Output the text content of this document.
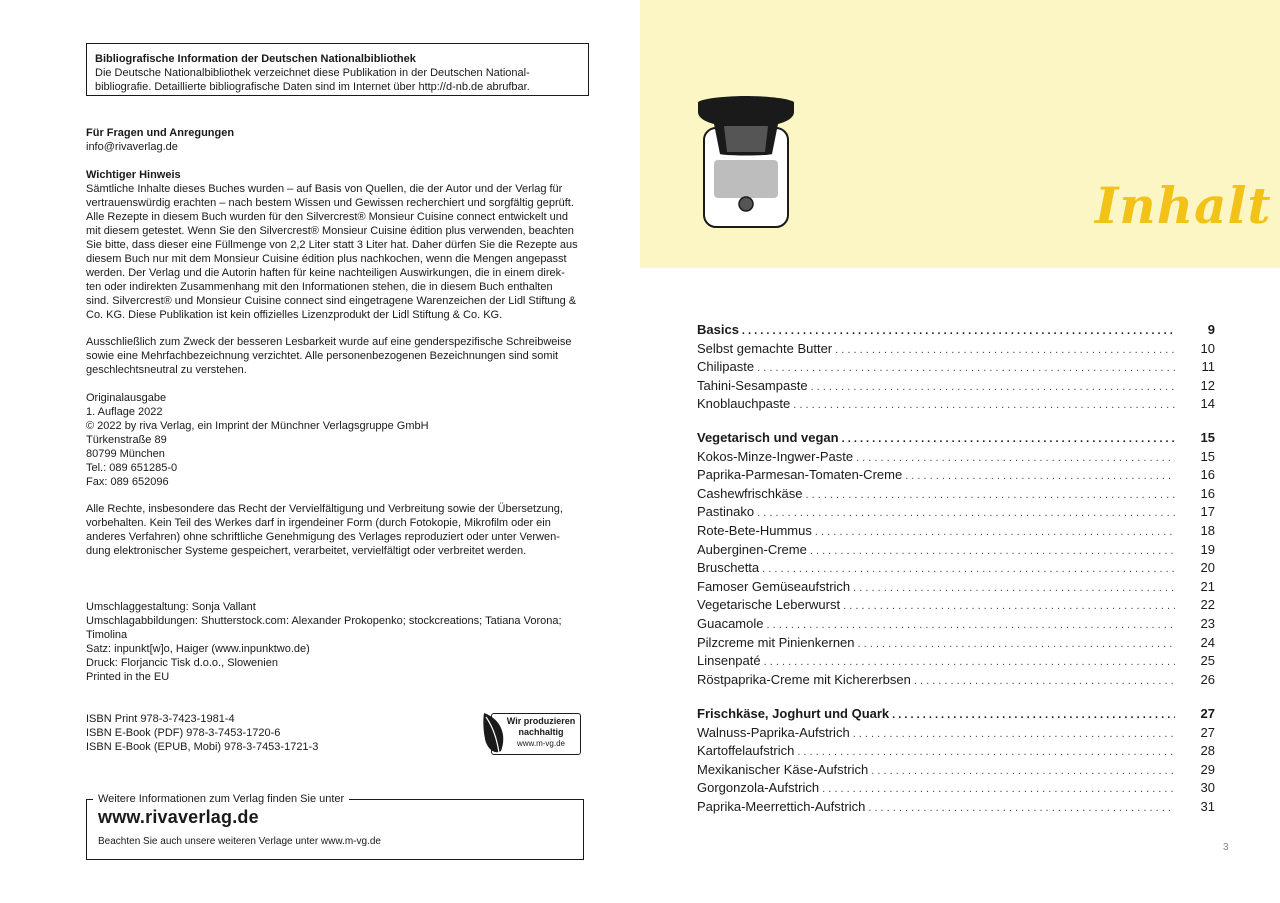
Bibliografische Information der Deutschen Nationalbibliothek
Die Deutsche Nationalbibliothek verzeichnet diese Publikation in der Deutschen National-
bibliografie. Detaillierte bibliografische Daten sind im Internet über http://d-nb.de abrufbar.
Für Fragen und Anregungen
info@rivaverlag.de
Wichtiger Hinweis
Sämtliche Inhalte dieses Buches wurden – auf Basis von Quellen, die der Autor und der Verlag für
vertrauenswürdig erachten – nach bestem Wissen und Gewissen recherchiert und sorgfältig geprüft.
Alle Rezepte in diesem Buch wurden für den Silvercrest® Monsieur Cuisine connect entwickelt und
mit diesem getestet. Wenn Sie den Silvercrest® Monsieur Cuisine édition plus verwenden, beachten
Sie bitte, dass dieser eine Füllmenge von 2,2 Liter statt 3 Liter hat. Daher dürfen Sie die Rezepte aus
diesem Buch nur mit dem Monsieur Cuisine édition plus nachkochen, wenn die Mengen angepasst
werden. Der Verlag und die Autorin haften für keine nachteiligen Auswirkungen, die in einem direk-
ten oder indirekten Zusammenhang mit den Informationen stehen, die in diesem Buch enthalten
sind. Silvercrest® und Monsieur Cuisine connect sind eingetragene Warenzeichen der Lidl Stiftung &
Co. KG. Diese Publikation ist kein offizielles Lizenzprodukt der Lidl Stiftung & Co. KG.
Ausschließlich zum Zweck der besseren Lesbarkeit wurde auf eine genderspezifische Schreibweise
sowie eine Mehrfachbezeichnung verzichtet. Alle personenbezogenen Bezeichnungen sind somit
geschlechtsneutral zu verstehen.
Originalausgabe
1. Auflage 2022
© 2022 by riva Verlag, ein Imprint der Münchner Verlagsgruppe GmbH
Türkenstraße 89
80799 München
Tel.: 089 651285-0
Fax: 089 652096
Alle Rechte, insbesondere das Recht der Vervielfältigung und Verbreitung sowie der Übersetzung,
vorbehalten. Kein Teil des Werkes darf in irgendeiner Form (durch Fotokopie, Mikrofilm oder ein
anderes Verfahren) ohne schriftliche Genehmigung des Verlages reproduziert oder unter Verwen-
dung elektronischer Systeme gespeichert, verarbeitet, vervielfältigt oder verbreitet werden.
Umschlaggestaltung: Sonja Vallant
Umschlagabbildungen: Shutterstock.com: Alexander Prokopenko; stockcreations; Tatiana Vorona;
Timolina
Satz: inpunkt[w]o, Haiger (www.inpunktwo.de)
Druck: Florjancic Tisk d.o.o., Slowenien
Printed in the EU
ISBN Print 978-3-7423-1981-4
ISBN E-Book (PDF) 978-3-7453-1720-6
ISBN E-Book (EPUB, Mobi) 978-3-7453-1721-3
Wir produzieren
nachhaltig
www.m-vg.de
Weitere Informationen zum Verlag finden Sie unter
www.rivaverlag.de
Beachten Sie auch unsere weiteren Verlage unter www.m-vg.de
Inhalt
Basics . . .	9
Selbst gemachte Butter . . .	10
Chilipaste . . .	11
Tahini-Sesampaste . . .	12
Knoblauchpaste . . .	14
Vegetarisch und vegan . . .	15
Kokos-Minze-Ingwer-Paste . . .	15
Paprika-Parmesan-Tomaten-Creme . . .	16
Cashewfrischkäse . . .	16
Pastinako . . .	17
Rote-Bete-Hummus . . .	18
Auberginen-Creme . . .	19
Bruschetta . . .	20
Famoser Gemüseaufstrich . . .	21
Vegetarische Leberwurst . . .	22
Guacamole . . .	23
Pilzcreme mit Pinienkernen . . .	24
Linsenpaté . . .	25
Röstpaprika-Creme mit Kichererbsen . . .	26
Frischkäse, Joghurt und Quark . . .	27
Walnuss-Paprika-Aufstrich . . .	27
Kartoffelaufstrich . . .	28
Mexikanischer Käse-Aufstrich . . .	29
Gorgonzola-Aufstrich . . .	30
Paprika-Meerrettich-Aufstrich . . .	31
3
